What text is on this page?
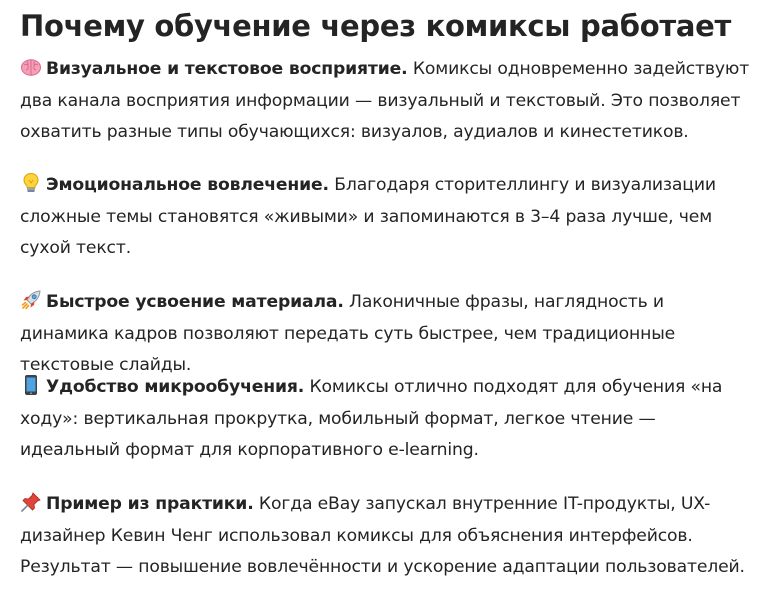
Почему обучение через комиксы работает

Визуальное и текстовое восприятие. Комиксы одновременно задействуют два канала восприятия информации — визуальный и текстовый. Это позволяет охватить разные типы обучающихся: визуалов, аудиалов и кинестетиков.

Эмоциональное вовлечение. Благодаря сторителлингу и визуализации сложные темы становятся «живыми» и запоминаются в 3–4 раза лучше, чем сухой текст.

Быстрое усвоение материала. Лаконичные фразы, наглядность и динамика кадров позволяют передать суть быстрее, чем традиционные текстовые слайды.

Удобство микрообучения. Комиксы отлично подходят для обучения «на ходу»: вертикальная прокрутка, мобильный формат, легкое чтение — идеальный формат для корпоративного e-learning.

Пример из практики. Когда eBay запускал внутренние IT-продукты, UX-дизайнер Кевин Ченг использовал комиксы для объяснения интерфейсов. Результат — повышение вовлечённости и ускорение адаптации пользователей.
